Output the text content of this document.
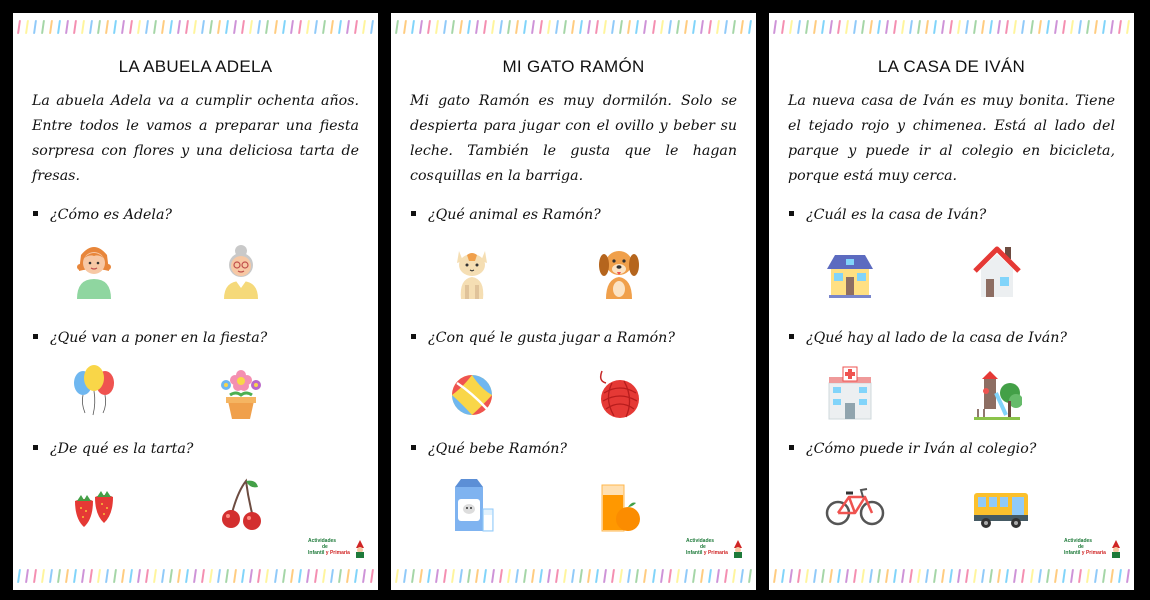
LA ABUELA ADELA
La abuela Adela va a cumplir ochenta años. Entre todos le vamos a preparar una fiesta sorpresa con flores y una deliciosa tarta de fresas.
¿Cómo es Adela?
¿Qué van a poner en la fiesta?
¿De qué es la tarta?
Actividades
de
Infantil y Primaria
MI GATO RAMÓN
Mi gato Ramón es muy dormilón. Solo se despierta para jugar con el ovillo y beber su leche. También le gusta que le hagan cosquillas en la barriga.
¿Qué animal es Ramón?
¿Con qué le gusta jugar a Ramón?
¿Qué bebe Ramón?
Actividades
de
Infantil y Primaria
LA CASA DE IVÁN
La nueva casa de Iván es muy bonita. Tiene el tejado rojo y chimenea. Está al lado del parque y puede ir al colegio en bicicleta, porque está muy cerca.
¿Cuál es la casa de Iván?
¿Qué hay al lado de la casa de Iván?
¿Cómo puede ir Iván al colegio?
Actividades
de
Infantil y Primaria
